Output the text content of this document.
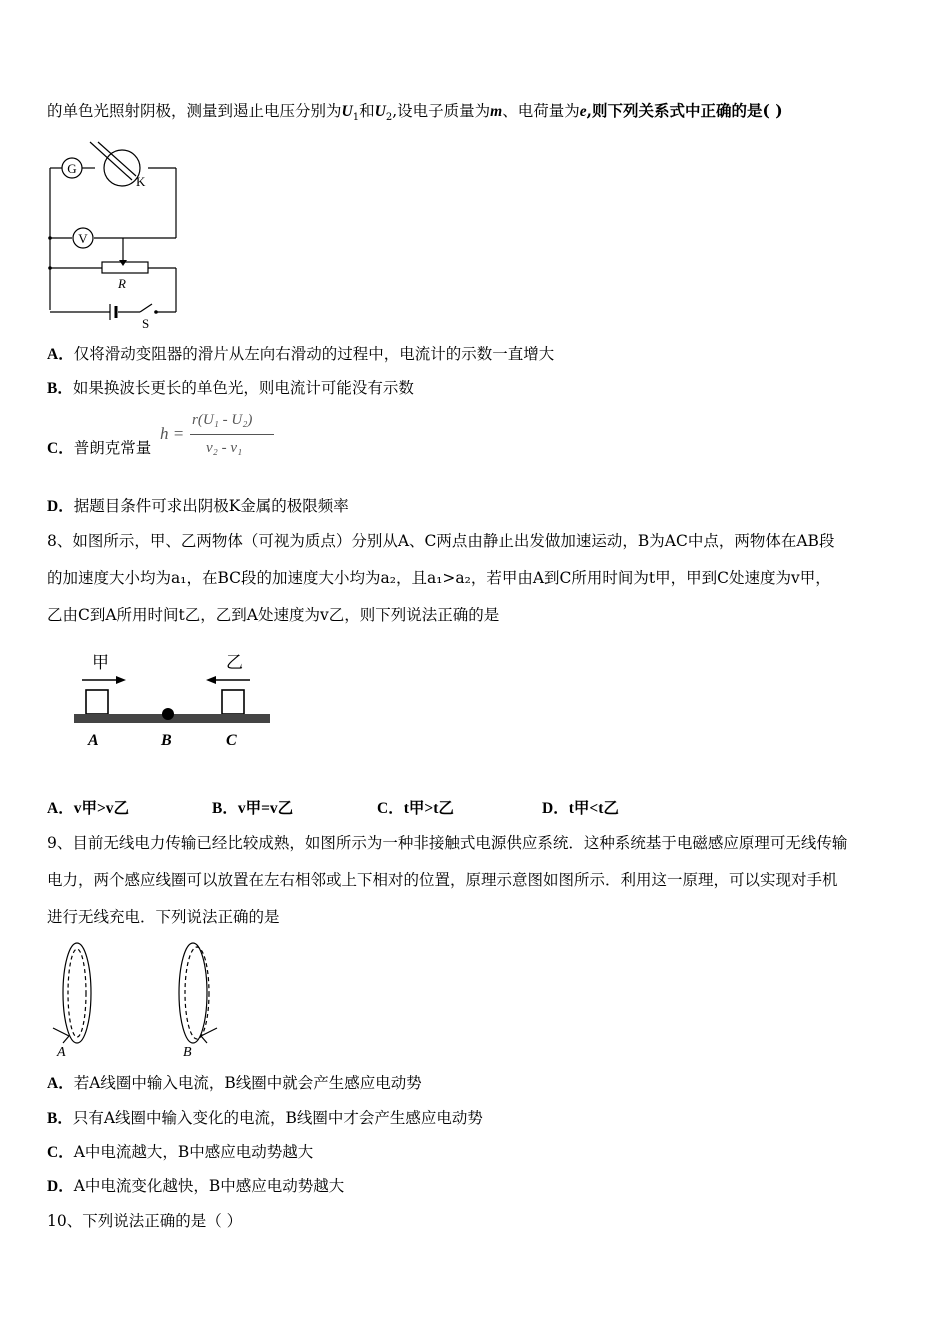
的单色光照射阴极，测量到遏止电压分别为$U_1$和$U_2$,设电子质量为m、电荷量为e,则下列关系式中正确的是( )
G
V
K
R
S
A．仅将滑动变阻器的滑片从左向右滑动的过程中，电流计的示数一直增大
B．如果换波长更长的单色光，则电流计可能没有示数
C．普朗克常量
h =
r(U₁ - U₂)
ν₂ - ν₁
D．据题目条件可求出阴极K金属的极限频率
8、如图所示，甲、乙两物体（可视为质点）分别从A、C两点由静止出发做加速运动，B为AC中点，两物体在AB段
的加速度大小均为a₁，在BC段的加速度大小均为a₂，且a₁>a₂，若甲由A到C所用时间为t甲，甲到C处速度为v甲，
乙由C到A所用时间t乙，乙到A处速度为v乙，则下列说法正确的是
甲	乙
A	B	C
A．v甲>v乙	B．v甲=v乙	C．t甲>t乙	D．t甲<t乙
9、目前无线电力传输已经比较成熟，如图所示为一种非接触式电源供应系统．这种系统基于电磁感应原理可无线传输
电力，两个感应线圈可以放置在左右相邻或上下相对的位置，原理示意图如图所示．利用这一原理，可以实现对手机
进行无线充电．下列说法正确的是
A	B
A．若A线圈中输入电流，B线圈中就会产生感应电动势
B．只有A线圈中输入变化的电流，B线圈中才会产生感应电动势
C．A中电流越大，B中感应电动势越大
D．A中电流变化越快，B中感应电动势越大
10、下列说法正确的是（ ）
